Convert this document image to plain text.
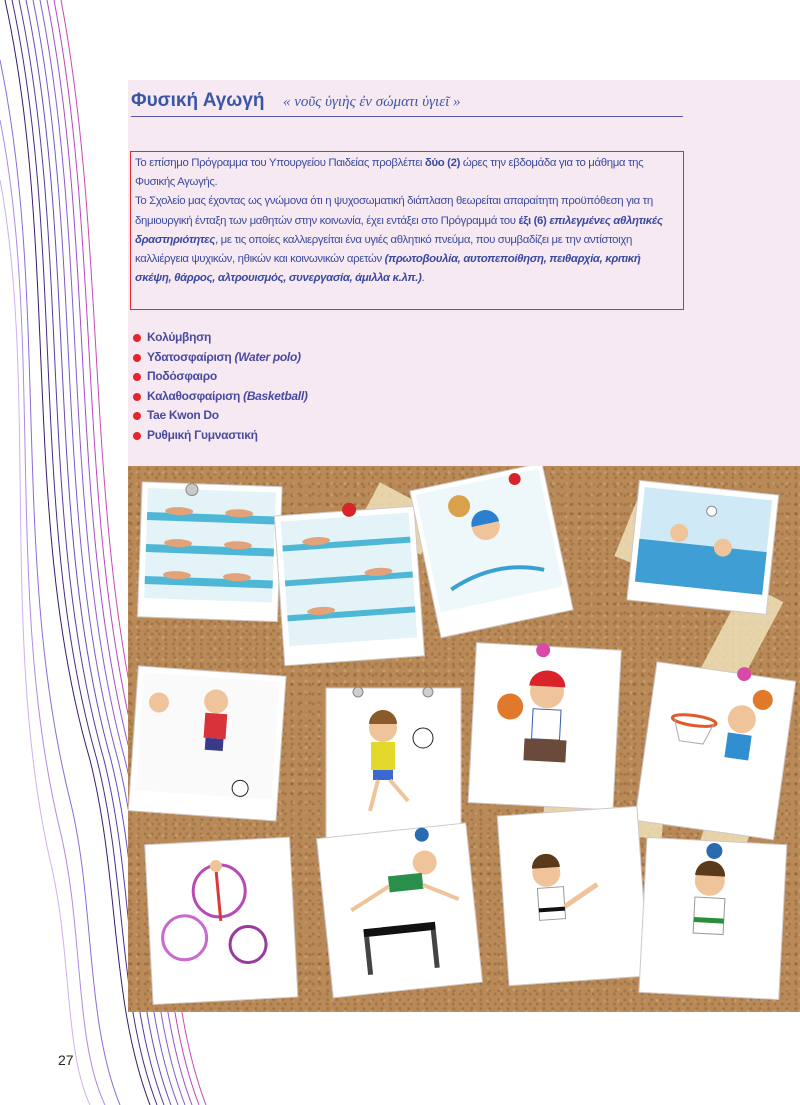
Φυσική Αγωγή « νοῦς ὑγιὴς ἐν σώματι ὑγιεῖ »

Το επίσημο Πρόγραμμα του Υπουργείου Παιδείας προβλέπει δύο (2) ώρες την εβδομάδα για το μάθημα της Φυσικής Αγωγής.

Το Σχολείο μας έχοντας ως γνώμονα ότι η ψυχοσωματική διάπλαση θεωρείται απαραίτητη προϋπόθεση για τη δημιουργική ένταξη των μαθητών στην κοινωνία, έχει εντάξει στο Πρόγραμμά του έξι (6) επιλεγμένες αθλητικές δραστηριότητες, με τις οποίες καλλιεργείται ένα υγιές αθλητικό πνεύμα, που συμβαδίζει με την αντίστοιχη καλλιέργεια ψυχικών, ηθικών και κοινωνικών αρετών (πρωτοβουλία, αυτοπεποίθηση, πειθαρχία, κριτική σκέψη, θάρρος, αλτρουισμός, συνεργασία, άμιλλα κ.λπ.).

Κολύμβηση
Υδατοσφαίριση (Water polo)
Ποδόσφαιρο
Καλαθοσφαίριση (Basketball)
Tae Kwon Do
Ρυθμική Γυμναστική
27
